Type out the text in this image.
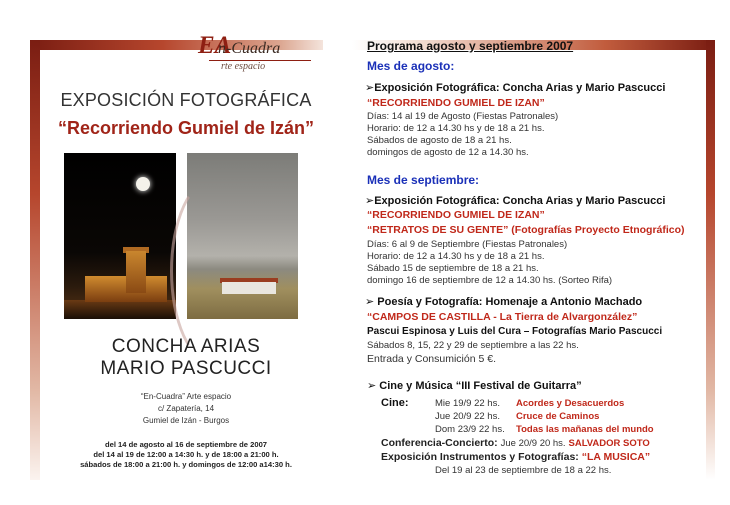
EA
n-Cuadra
rte espacio
EXPOSICIÓN FOTOGRÁFICA
“Recorriendo Gumiel de Izán”
CONCHA ARIAS
MARIO PASCUCCI
“En-Cuadra” Arte espacio
c/ Zapatería, 14
Gumiel de Izán - Burgos
del 14 de agosto al 16 de septiembre de 2007
del 14 al 19 de 12:00 a 14:30 h. y de 18:00 a 21:00 h.
sábados de 18:00 a 21:00 h. y domingos de 12:00 a14:30 h.
Programa agosto y septiembre 2007
Mes de agosto:
➢Exposición Fotográfica: Concha Arias y Mario Pascucci
“RECORRIENDO GUMIEL DE IZAN”
Días: 14 al 19 de Agosto (Fiestas Patronales)
Horario: de 12 a 14.30 hs y de 18 a 21 hs.
Sábados de agosto de 18 a 21 hs.
domingos de agosto de 12 a 14.30 hs.
Mes de septiembre:
➢Exposición Fotográfica: Concha Arias y Mario Pascucci
“RECORRIENDO GUMIEL DE IZAN”
“RETRATOS DE SU GENTE” (Fotografías Proyecto Etnográfico)
Días: 6 al 9 de Septiembre (Fiestas Patronales)
Horario: de 12 a 14.30 hs y de 18 a 21 hs.
Sábado 15 de septiembre de 18 a 21 hs.
domingo 16 de septiembre de 12 a 14.30 hs. (Sorteo Rifa)
➢ Poesía y Fotografía: Homenaje a Antonio Machado
“CAMPOS DE CASTILLA - La Tierra de Alvargonzález”
Pascui Espinosa y Luis del Cura – Fotografías Mario Pascucci
Sábados 8, 15, 22 y 29 de septiembre a las 22 hs.
Entrada y Consumición 5 €.
➢ Cine y Música “III Festival de Guitarra”
Cine:	Mie 19/9 22 hs. Acordes y Desacuerdos
Jue 20/9 22 hs. Cruce de Caminos
Dom 23/9 22 hs. Todas las mañanas del mundo
Conferencia-Concierto: Jue 20/9 20 hs. SALVADOR SOTO
Exposición Instrumentos y Fotografías: “LA MUSICA”
Del 19 al 23 de septiembre de 18 a 22 hs.
